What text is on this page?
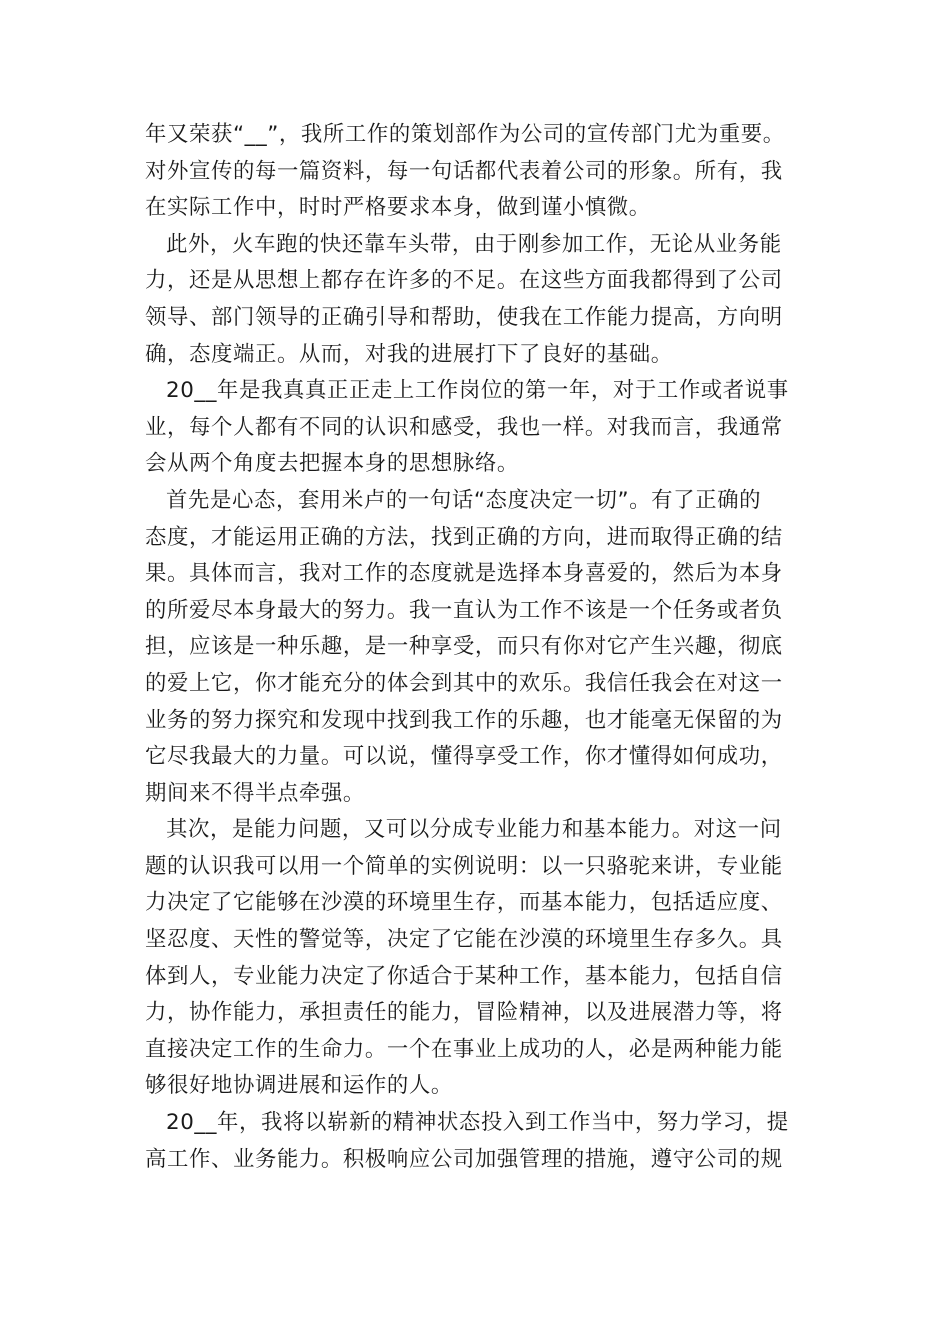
年又荣获“__”，我所工作的策划部作为公司的宣传部门尤为重要。

对外宣传的每一篇资料，每一句话都代表着公司的形象。所有，我

在实际工作中，时时严格要求本身，做到谨小慎微。

此外，火车跑的快还靠车头带，由于刚参加工作，无论从业务能

力，还是从思想上都存在许多的不足。在这些方面我都得到了公司

领导、部门领导的正确引导和帮助，使我在工作能力提高，方向明

确，态度端正。从而，对我的进展打下了良好的基础。

20__年是我真真正正走上工作岗位的第一年，对于工作或者说事

业，每个人都有不同的认识和感受，我也一样。对我而言，我通常

会从两个角度去把握本身的思想脉络。

首先是心态，套用米卢的一句话“态度决定一切”。有了正确的

态度，才能运用正确的方法，找到正确的方向，进而取得正确的结

果。具体而言，我对工作的态度就是选择本身喜爱的，然后为本身

的所爱尽本身最大的努力。我一直认为工作不该是一个任务或者负

担，应该是一种乐趣，是一种享受，而只有你对它产生兴趣，彻底

的爱上它，你才能充分的体会到其中的欢乐。我信任我会在对这一

业务的努力探究和发现中找到我工作的乐趣，也才能毫无保留的为

它尽我最大的力量。可以说，懂得享受工作，你才懂得如何成功，

期间来不得半点牵强。

其次，是能力问题，又可以分成专业能力和基本能力。对这一问

题的认识我可以用一个简单的实例说明：以一只骆驼来讲，专业能

力决定了它能够在沙漠的环境里生存，而基本能力，包括适应度、

坚忍度、天性的警觉等，决定了它能在沙漠的环境里生存多久。具

体到人，专业能力决定了你适合于某种工作，基本能力，包括自信

力，协作能力，承担责任的能力，冒险精神，以及进展潜力等，将

直接决定工作的生命力。一个在事业上成功的人，必是两种能力能

够很好地协调进展和运作的人。

20__年，我将以崭新的精神状态投入到工作当中，努力学习，提

高工作、业务能力。积极响应公司加强管理的措施，遵守公司的规
